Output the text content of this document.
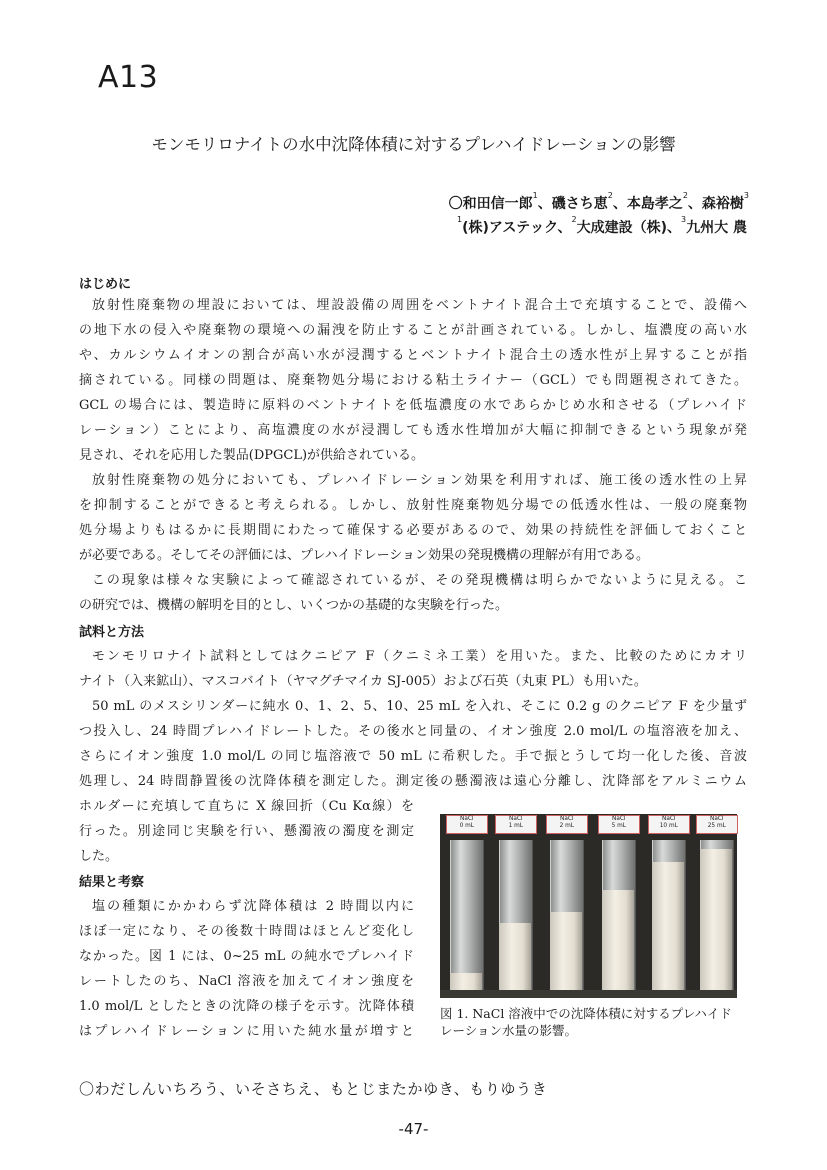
A13
モンモリロナイトの水中沈降体積に対するプレハイドレーションの影響
〇和田信一郎$^1$、磯さち恵$^2$、本島孝之$^2$、森裕樹$^3$
$^1$(株)アステック、$^2$大成建設（株)、$^3$九州大 農
はじめに
放射性廃棄物の埋設においては、埋設設備の周囲をベントナイト混合土で充填することで、設備へ
の地下水の侵入や廃棄物の環境への漏洩を防止することが計画されている。しかし、塩濃度の高い水
や、カルシウムイオンの割合が高い水が浸潤するとベントナイト混合土の透水性が上昇することが指
摘されている。同様の問題は、廃棄物処分場における粘土ライナー（GCL）でも問題視されてきた。
GCL の場合には、製造時に原料のベントナイトを低塩濃度の水であらかじめ水和させる（プレハイド
レーション）ことにより、高塩濃度の水が浸潤しても透水性増加が大幅に抑制できるという現象が発
見され、それを応用した製品(DPGCL)が供給されている。
放射性廃棄物の処分においても、プレハイドレーション効果を利用すれば、施工後の透水性の上昇
を抑制することができると考えられる。しかし、放射性廃棄物処分場での低透水性は、一般の廃棄物
処分場よりもはるかに長期間にわたって確保する必要があるので、効果の持続性を評価しておくこと
が必要である。そしてその評価には、プレハイドレーション効果の発現機構の理解が有用である。
この現象は様々な実験によって確認されているが、その発現機構は明らかでないように見える。こ
の研究では、機構の解明を目的とし、いくつかの基礎的な実験を行った。
試料と方法
モンモリロナイト試料としてはクニピア F（クニミネ工業）を用いた。また、比較のためにカオリ
ナイト（入来鉱山）、マスコバイト（ヤマグチマイカ SJ-005）および石英（丸東 PL）も用いた。
50 mL のメスシリンダーに純水 0、1、2、5、10、25 mL を入れ、そこに 0.2 g のクニピア F を少量ず
つ投入し、24 時間プレハイドレートした。その後水と同量の、イオン強度 2.0 mol/L の塩溶液を加え、
さらにイオン強度 1.0 mol/L の同じ塩溶液で 50 mL に希釈した。手で振とうして均一化した後、音波
処理し、24 時間静置後の沈降体積を測定した。測定後の懸濁液は遠心分離し、沈降部をアルミニウム
ホルダーに充填して直ちに X 線回折（Cu Kα線）を
行った。別途同じ実験を行い、懸濁液の濁度を測定
した。
結果と考察
塩の種類にかかわらず沈降体積は 2 時間以内に
ほぼ一定になり、その後数十時間はほとんど変化し
なかった。図 1 には、0~25 mL の純水でプレハイド
レートしたのち、NaCl 溶液を加えてイオン強度を
1.0 mol/L としたときの沈降の様子を示す。沈降体積
はプレハイドレーションに用いた純水量が増すと
NaCl
0 mL
NaCl
1 mL
NaCl
2 mL
NaCl
5 mL
NaCl
10 mL
NaCl
25 mL
図 1. NaCl 溶液中での沈降体積に対するプレハイドレーション水量の影響。
〇わだしんいちろう、いそさちえ、もとじまたかゆき、もりゆうき
-47-
